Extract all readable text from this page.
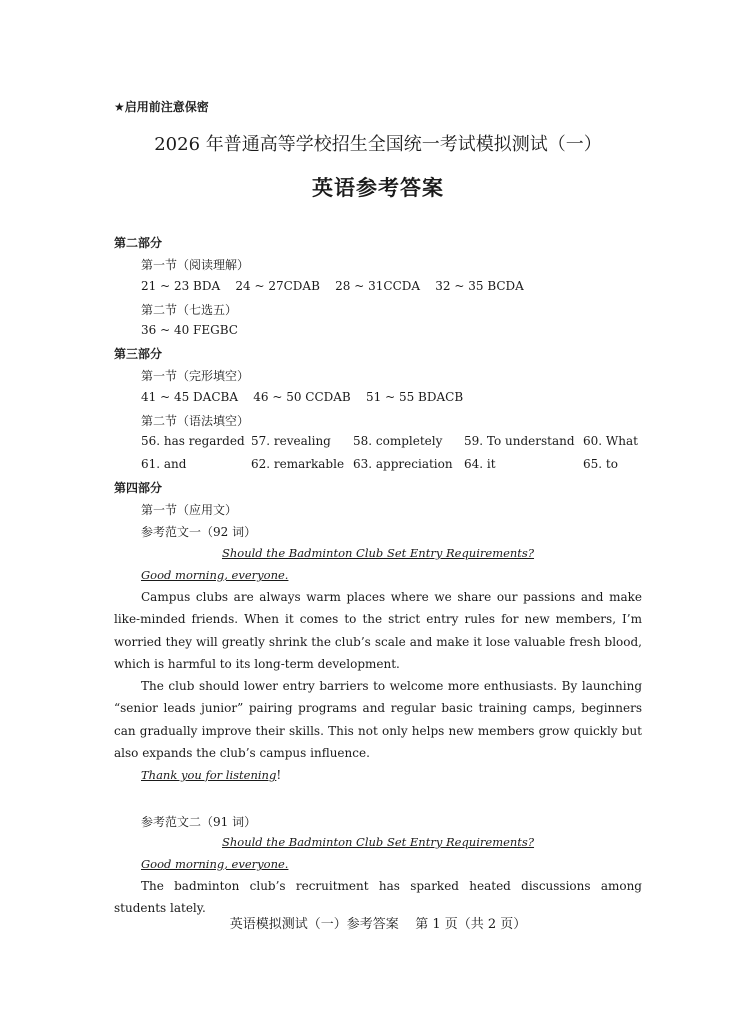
★启用前注意保密
2026 年普通高等学校招生全国统一考试模拟测试（一）
英语参考答案
第二部分
第一节（阅读理解）
21 ~ 23 BDA    24 ~ 27CDAB    28 ~ 31CCDA    32 ~ 35 BCDA
第二节（七选五）
36 ~ 40 FEGBC
第三部分
第一节（完形填空）
41 ~ 45 DACBA    46 ~ 50 CCDAB    51 ~ 55 BDACB
第二节（语法填空）
56. has regarded 57. revealing 58. completely 59. To understand 60. What
61. and	62. remarkable 63. appreciation 64. it	65. to
第四部分
第一节（应用文）
参考范文一（92 词）
Should the Badminton Club Set Entry Requirements?
Good morning, everyone.
Campus clubs are always warm places where we share our passions and make like-minded friends. When it comes to the strict entry rules for new members, I’m worried they will greatly shrink the club’s scale and make it lose valuable fresh blood, which is harmful to its long-term development.
The club should lower entry barriers to welcome more enthusiasts. By launching “senior leads junior” pairing programs and regular basic training camps, beginners can gradually improve their skills. This not only helps new members grow quickly but also expands the club’s campus influence.
Thank you for listening!
参考范文二（91 词）
Should the Badminton Club Set Entry Requirements?
Good morning, everyone.
The badminton club’s recruitment has sparked heated discussions among students lately.
英语模拟测试（一）参考答案    第 1 页（共 2 页）
